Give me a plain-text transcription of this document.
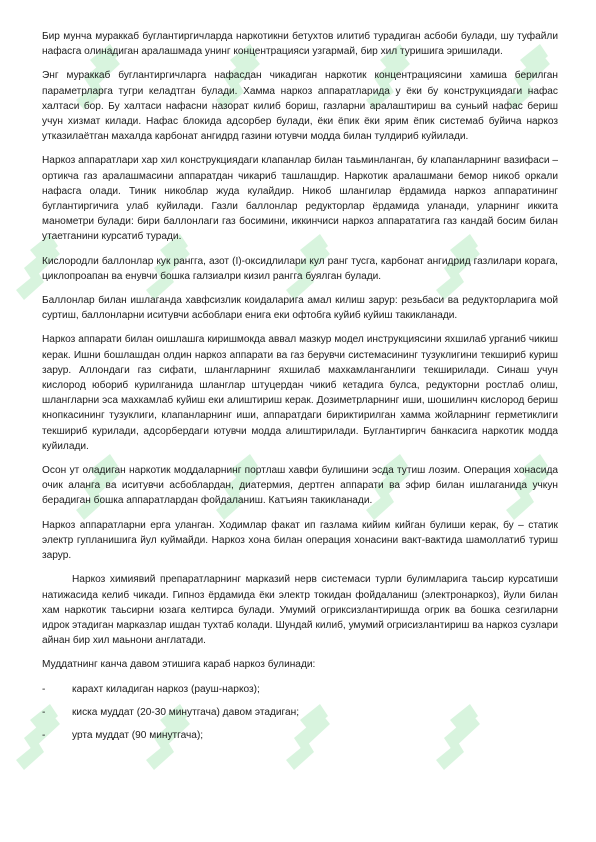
Бир мунча мураккаб буглантиргичларда наркотикни бетухтов илитиб турадиган асбоби булади, шу туфайли нафасга олинадиган аралашмада унинг концентрацияси узгармай, бир хил туришига эришилади.

Энг мураккаб буглантиргичларга нафасдан чикадиган наркотик концентрациясини хамиша берилган параметрларга тугри келадтган булади. Хамма наркоз аппаратларида у ёки бу конструкциядаги нафас халтаси бор. Бу халтаси нафасни назорат килиб бориш, газларни аралаштириш ва суньий нафас бериш учун хизмат килади. Нафас блокида адсорбер булади, ёки ёпик ёки ярим ёпик системаб буйича наркоз утказилаётган махалда карбонат ангидрд газини ютувчи модда билан тулдириб куйилади.

Наркоз аппаратлари хар хил конструкциядаги клапанлар билан таьминланган, бу клапанларнинг вазифаси – ортикча газ аралашмасини аппаратдан чикариб ташлашдир. Наркотик аралашмани бемор никоб оркали нафасга олади. Тиник никоблар жуда кулайдир. Никоб шлангилар ёрдамида наркоз аппаратининг буглантиргичига улаб куйилади. Газли баллонлар редукторлар ёрдамида уланади, уларнинг иккита манометри булади: бири баллонлаги газ босимини, иккинчиси наркоз аппарататига газ кандай босим билан утаетганини курсатиб туради.

Кислородли баллонлар кук рангга, азот (I)-оксидлилари кул ранг тусга, карбонат ангидрид газлилари корага, циклопроапан ва енувчи бошка галзиалри кизил рангга буялган булади.

Баллонлар билан ишлаганда хавфсизлик коидаларига амал килиш зарур: резьбаси ва редукторларига мой суртиш, баллонларни иситувчи асбоблари енига еки офтобга куйиб куйиш такикланади.

Наркоз аппарати билан оишлашга киришмокда аввал мазкур модел инструкциясини яхшилаб урганиб чикиш керак. Ишни бошлашдан олдин наркоз аппарати ва газ берувчи системасининг тузуклигини текшириб куриш зарур. Аллондаги газ сифати, шлангларнинг яхшилаб махкамланганлиги текширилади. Синаш учун кислород юбориб курилганида шланглар штуцердан чикиб кетадига булса, редукторни ростлаб олиш, шлангларни эса махкамлаб куйиш еки алиштириш керак. Дозиметрларнинг иши, шошилинч кислород бериш кнопкасининг тузуклиги, клапанларнинг иши, аппаратдаги бириктирилган хамма жойларнинг герметиклиги текшириб курилади, адсорбердаги ютувчи модда алиштирилади. Буглантиргич банкасига наркотик модда куйилади.

Осон ут оладиган наркотик моддаларнинг портлаш хавфи булишини эсда тутиш лозим. Операция хонасида очик аланга ва иситувчи асбоблардан, диатермия, дертген аппарати ва эфир билан ишлаганида учкун берадиган бошка аппаратлардан фойдаланиш. Катъиян такикланади.

Наркоз аппаратларни ерга уланган. Ходимлар факат ип газлама кийим кийган булиши керак, бу – статик электр гупланишига йул куймайди. Наркоз хона билан операция хонасини вакт-вактида шамоллатиб туриш зарур.

Наркоз химиявий препаратларнинг марказий нерв системаси турли булимларига таьсир курсатиши натижасида келиб чикади. Гипноз ёрдамида ёки электр токидан фойдаланиш (электронаркоз), йули билан хам наркотик таьсирни юзага келтирса булади. Умумий огриксизлантиришда огрик ва бошка сезгиларни идрок этадиган марказлар ишдан тухтаб колади. Шундай килиб, умумий огрисизлантириш ва наркоз сузлари айнан бир хил маьнони англатади.

Муддатнинг канча давом этишига караб наркоз булинади:

-	карахт киладиган наркоз (рауш-наркоз);
-	киска муддат (20-30 минутгача) давом этадиган;
-	урта муддат (90 минутгача);
